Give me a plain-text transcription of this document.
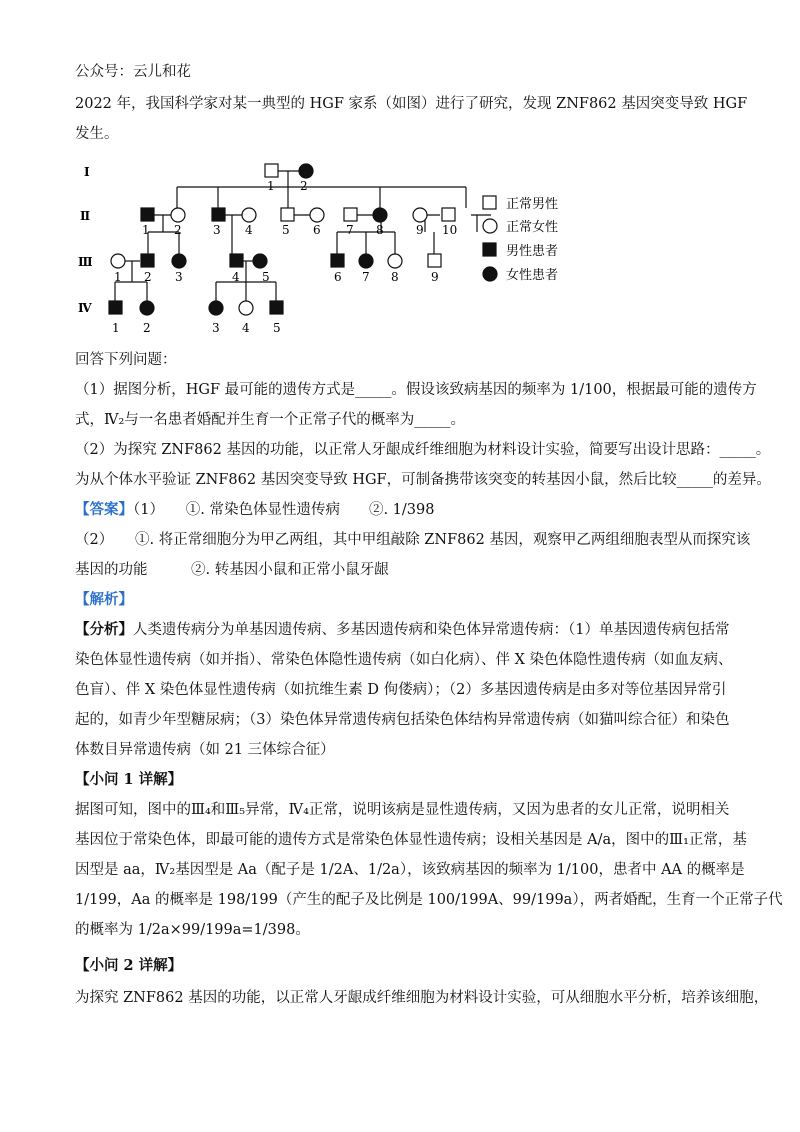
公众号：云儿和花
2022 年，我国科学家对某一典型的 HGF 家系（如图）进行了研究，发现 ZNF862 基因突变导致 HGF
发生。
Ⅰ
Ⅱ
Ⅲ
Ⅳ
1 2
1 2	3 4 5 6 7 8	9 10
1 2 3	4 5	6 7 8	9
1 2	3 4 5
正常男性
正常女性
男性患者
女性患者
回答下列问题：
（1）据图分析，HGF 最可能的遗传方式是_____。假设该致病基因的频率为 1/100，根据最可能的遗传方
式，Ⅳ₂与一名患者婚配并生育一个正常子代的概率为_____。
（2）为探究 ZNF862 基因的功能，以正常人牙龈成纤维细胞为材料设计实验，简要写出设计思路：_____。
为从个体水平验证 ZNF862 基因突变导致 HGF，可制备携带该突变的转基因小鼠，然后比较_____的差异。
【答案】（1）　　①. 常染色体显性遗传病　　②. 1/398
（2）　　①. 将正常细胞分为甲乙两组，其中甲组敲除 ZNF862 基因，观察甲乙两组细胞表型从而探究该
基因的功能　　　②. 转基因小鼠和正常小鼠牙龈
【解析】
【分析】人类遗传病分为单基因遗传病、多基因遗传病和染色体异常遗传病：（1）单基因遗传病包括常
染色体显性遗传病（如并指）、常染色体隐性遗传病（如白化病）、伴 X 染色体隐性遗传病（如血友病、
色盲）、伴 X 染色体显性遗传病（如抗维生素 D 佝偻病）；（2）多基因遗传病是由多对等位基因异常引
起的，如青少年型糖尿病；（3）染色体异常遗传病包括染色体结构异常遗传病（如猫叫综合征）和染色
体数目异常遗传病（如 21 三体综合征）
【小问 1 详解】
据图可知，图中的Ⅲ₄和Ⅲ₅异常，Ⅳ₄正常，说明该病是显性遗传病，又因为患者的女儿正常，说明相关
基因位于常染色体，即最可能的遗传方式是常染色体显性遗传病；设相关基因是 A/a，图中的Ⅲ₁正常，基
因型是 aa，Ⅳ₂基因型是 Aa（配子是 1/2A、1/2a），该致病基因的频率为 1/100，患者中 AA 的概率是
1/199，Aa 的概率是 198/199（产生的配子及比例是 100/199A、99/199a），两者婚配，生育一个正常子代
的概率为 1/2a×99/199a=1/398。
【小问 2 详解】
为探究 ZNF862 基因的功能，以正常人牙龈成纤维细胞为材料设计实验，可从细胞水平分析，培养该细胞，
